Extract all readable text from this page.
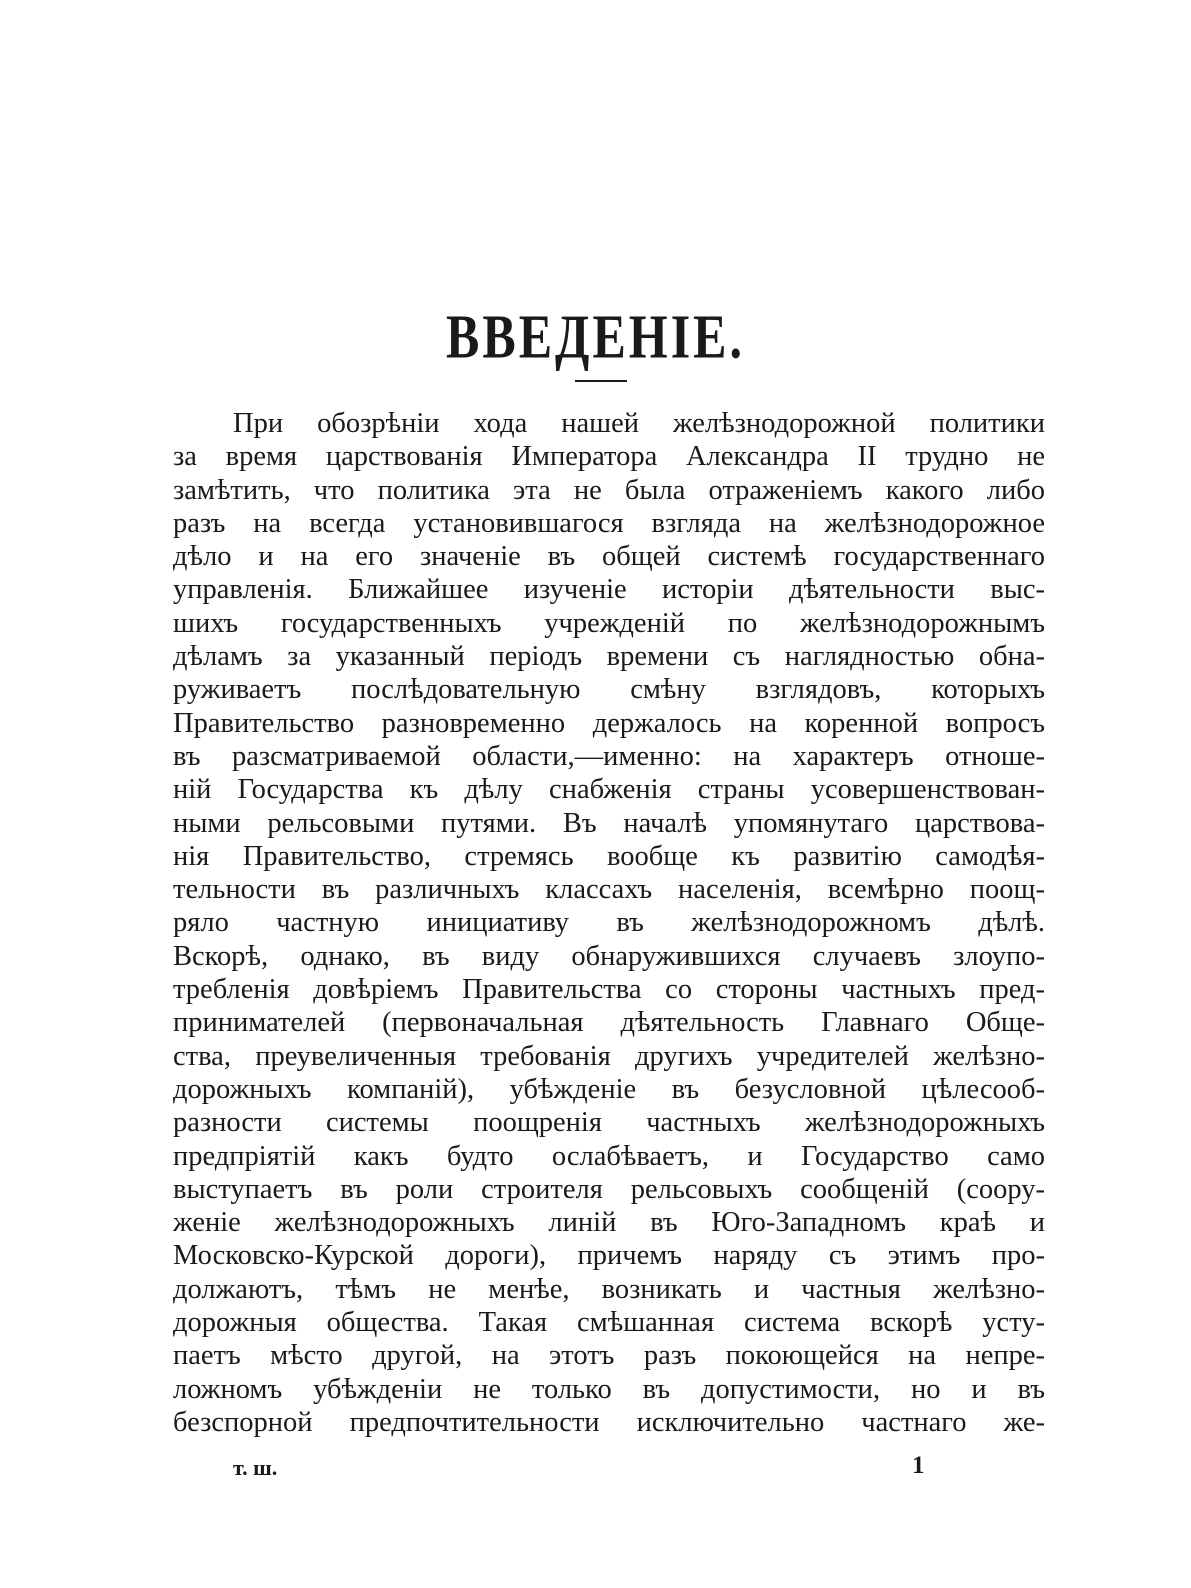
ВВЕДЕНІЕ.
При обозрѣніи хода нашей желѣзнодорожной политики
за время царствованія Императора Александра II трудно не
замѣтить, что политика эта не была отраженіемъ какого либо
разъ на всегда установившагося взгляда на желѣзнодорожное
дѣло и на его значеніе въ общей системѣ государственнаго
управленія. Ближайшее изученіе исторіи дѣятельности выс-
шихъ государственныхъ учрежденій по желѣзнодорожнымъ
дѣламъ за указанный періодъ времени съ наглядностью обна-
руживаетъ послѣдовательную смѣну взглядовъ, которыхъ
Правительство разновременно держалось на коренной вопросъ
въ разсматриваемой области,—именно: на характеръ отноше-
ній Государства къ дѣлу снабженія страны усовершенствован-
ными рельсовыми путями. Въ началѣ упомянутаго царствова-
нія Правительство, стремясь вообще къ развитію самодѣя-
тельности въ различныхъ классахъ населенія, всемѣрно поощ-
ряло частную инициативу въ желѣзнодорожномъ дѣлѣ.
Вскорѣ, однако, въ виду обнаружившихся случаевъ злоупо-
требленія довѣріемъ Правительства со стороны частныхъ пред-
принимателей (первоначальная дѣятельность Главнаго Обще-
ства, преувеличенныя требованія другихъ учредителей желѣзно-
дорожныхъ компаній), убѣжденіе въ безусловной цѣлесооб-
разности системы поощренія частныхъ желѣзнодорожныхъ
предпріятій какъ будто ослабѣваетъ, и Государство само
выступаетъ въ роли строителя рельсовыхъ сообщеній (соору-
женіе желѣзнодорожныхъ линій въ Юго-Западномъ краѣ и
Московско-Курской дороги), причемъ наряду съ этимъ про-
должаютъ, тѣмъ не менѣе, возникать и частныя желѣзно-
дорожныя общества. Такая смѣшанная система вскорѣ усту-
паетъ мѣсто другой, на этотъ разъ покоющейся на непре-
ложномъ убѣжденіи не только въ допустимости, но и въ
безспорной предпочтительности исключительно частнаго же-

т. ш.	1
